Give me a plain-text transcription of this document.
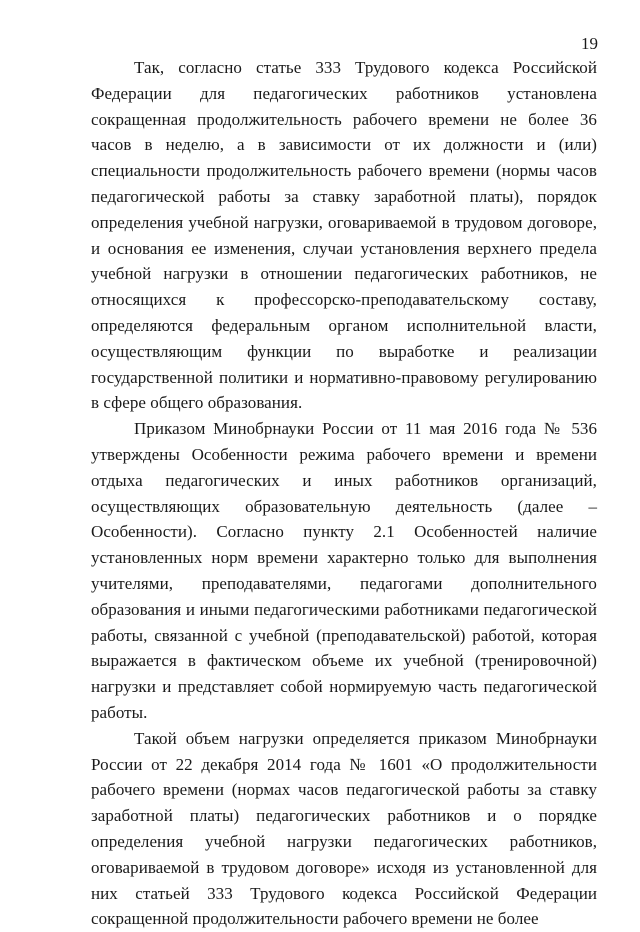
19

Так, согласно статье 333 Трудового кодекса Российской Федерации для педагогических работников установлена сокращенная продолжительность рабочего времени не более 36 часов в неделю, а в зависимости от их должности и (или) специальности продолжительность рабочего времени (нормы часов педагогической работы за ставку заработной платы), порядок определения учебной нагрузки, оговариваемой в трудовом договоре, и основания ее изменения, случаи установления верхнего предела учебной нагрузки в отношении педагогических работников, не относящихся к профессорско-преподавательскому составу, определяются федеральным органом исполнительной власти, осуществляющим функции по выработке и реализации государственной политики и нормативно-правовому регулированию в сфере общего образования.

Приказом Минобрнауки России от 11 мая 2016 года № 536 утверждены Особенности режима рабочего времени и времени отдыха педагогических и иных работников организаций, осуществляющих образовательную деятельность (далее – Особенности). Согласно пункту 2.1 Особенностей наличие установленных норм времени характерно только для выполнения учителями, преподавателями, педагогами дополнительного образования и иными педагогическими работниками педагогической работы, связанной с учебной (преподавательской) работой, которая выражается в фактическом объеме их учебной (тренировочной) нагрузки и представляет собой нормируемую часть педагогической работы.

Такой объем нагрузки определяется приказом Минобрнауки России от 22 декабря 2014 года № 1601 «О продолжительности рабочего времени (нормах часов педагогической работы за ставку заработной платы) педагогических работников и о порядке определения учебной нагрузки педагогических работников, оговариваемой в трудовом договоре» исходя из установленной для них статьей 333 Трудового кодекса Российской Федерации сокращенной продолжительности рабочего времени не более
